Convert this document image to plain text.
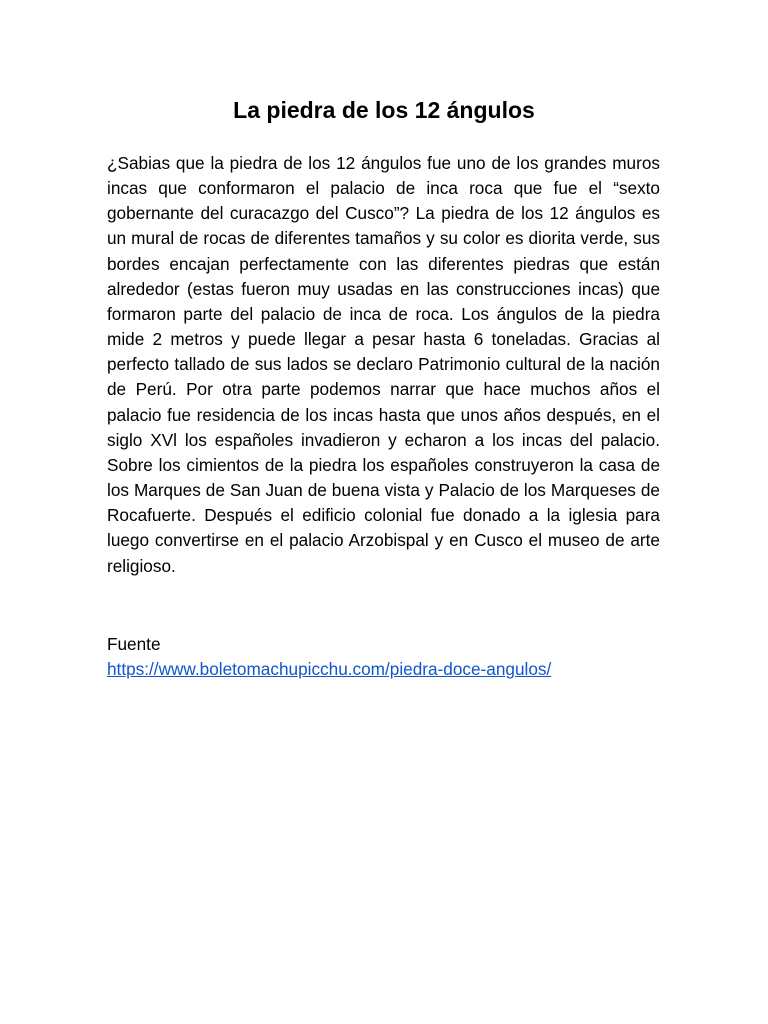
La piedra de los 12 ángulos

¿Sabias que la piedra de los 12 ángulos fue uno de los grandes muros incas que conformaron el palacio de inca roca que fue el “sexto gobernante del curacazgo del Cusco”? La piedra de los 12 ángulos es un mural de rocas de diferentes tamaños y su color es diorita verde, sus bordes encajan perfectamente con las diferentes piedras que están alrededor (estas fueron muy usadas en las construcciones incas) que formaron parte del palacio de inca de roca. Los ángulos de la piedra mide 2 metros y puede llegar a pesar hasta 6 toneladas. Gracias al perfecto tallado de sus lados se declaro Patrimonio cultural de la nación de Perú. Por otra parte podemos narrar que hace muchos años el palacio fue residencia de los incas hasta que unos años después, en el siglo XVl los españoles invadieron y echaron a los incas del palacio. Sobre los cimientos de la piedra los españoles construyeron la casa de los Marques de San Juan de buena vista y Palacio de los Marqueses de Rocafuerte. Después el edificio colonial fue donado a la iglesia para luego convertirse en el palacio Arzobispal y en Cusco el museo de arte religioso.

Fuente
https://www.boletomachupicchu.com/piedra-doce-angulos/
